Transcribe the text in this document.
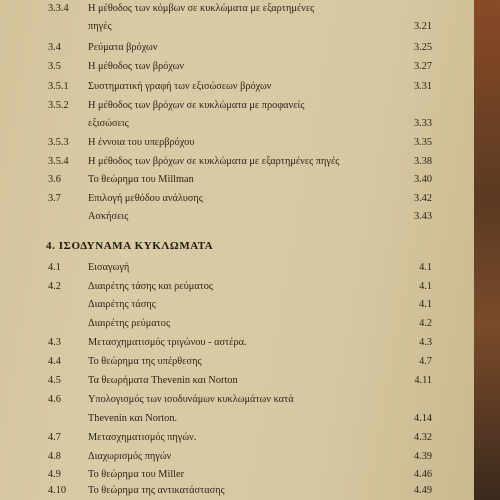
3.3.4 Η μέθοδος των κόμβων σε κυκλώματα με εξαρτημένες
πηγές	3.21
3.4	Ρεύματα βρόχων	3.25
3.5	Η μέθοδος των βρόχων	3.27
3.5.1 Συστηματική γραφή των εξισώσεων βρόχων	3.31
3.5.2 Η μέθοδος των βρόχων σε κυκλώματα με προφανείς
εξισώσεις	3.33
3.5.3 Η έννοια του υπερβρόχου	3.35
3.5.4 Η μέθοδος των βρόχων σε κυκλώματα με εξαρτημένες πηγές	3.38
3.6	Το θεώρημα του Millman	3.40
3.7	Επιλογή μεθόδου ανάλυσης	3.42
Ασκήσεις	3.43
4. ΙΣΟΔΥΝΑΜΑ ΚΥΚΛΩΜΑΤΑ
4.1	Εισαγωγή	4.1
4.2	Διαιρέτης τάσης και ρεύματος	4.1
Διαιρέτης τάσης	4.1
Διαιρέτης ρεύματος	4.2
4.3	Μετασχηματισμός τριγώνου - αστέρα.	4.3
4.4	Το θεώρημα της υπέρθεσης	4.7
4.5	Τα θεωρήματα Thevenin και Norton	4.11
4.6	Υπολογισμός των ισοδυνάμων κυκλωμάτων κατά
Thevenin και Norton.	4.14
4.7	Μετασχηματισμός πηγών.	4.32
4.8	Διαχωρισμός πηγών	4.39
4.9	Το θεώρημα του Miller	4.46
4.10 Το θεώρημα της αντικατάστασης	4.49
